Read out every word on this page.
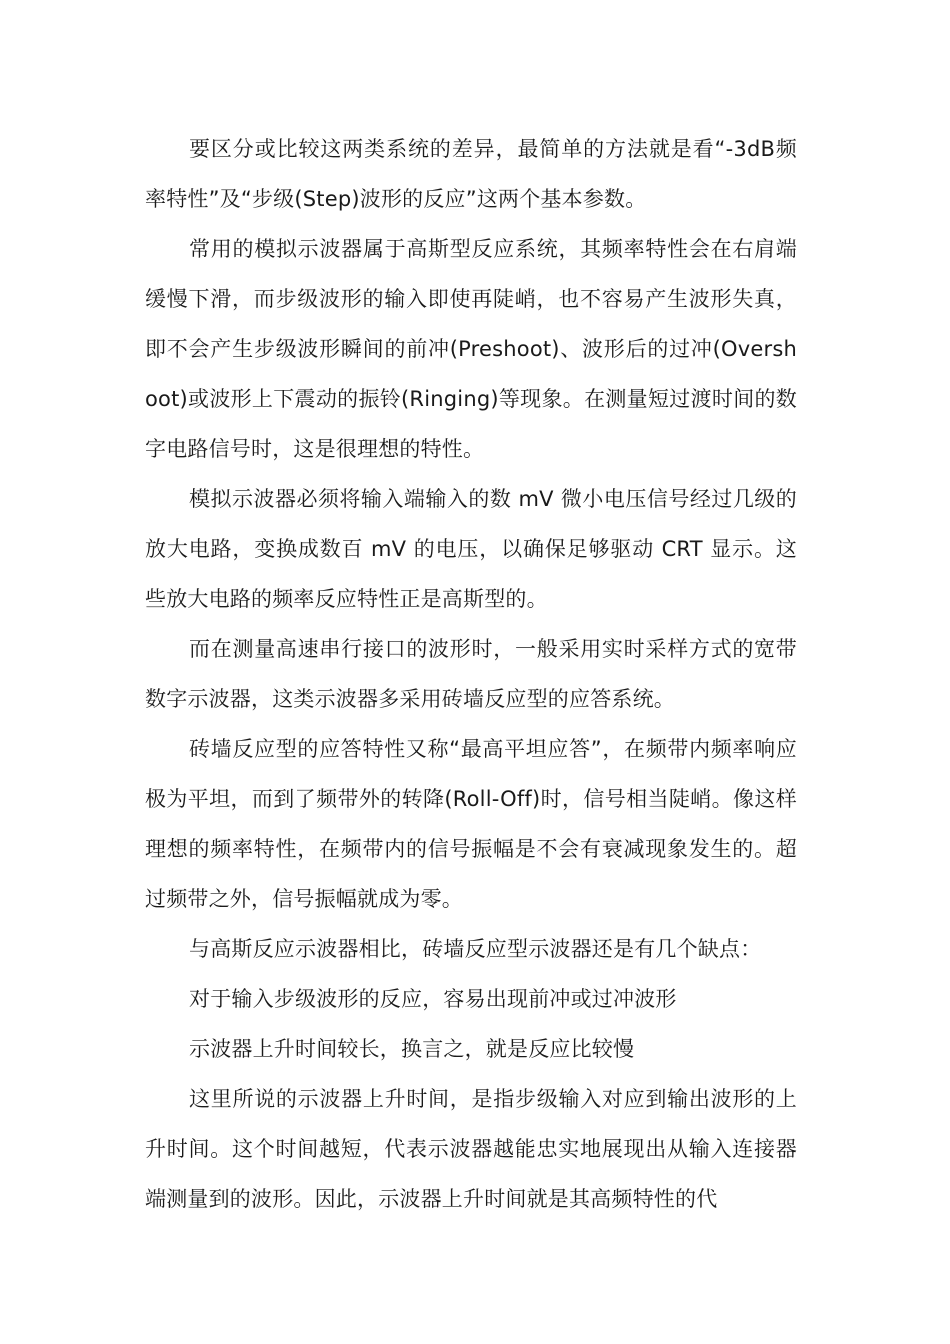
要区分或比较这两类系统的差异，最简单的方法就是看“-3dB频率特性”及“步级(Step)波形的反应”这两个基本参数。

常用的模拟示波器属于高斯型反应系统，其频率特性会在右肩端缓慢下滑，而步级波形的输入即使再陡峭，也不容易产生波形失真，即不会产生步级波形瞬间的前冲(Preshoot)、波形后的过冲(Overshoot)或波形上下震动的振铃(Ringing)等现象。在测量短过渡时间的数字电路信号时，这是很理想的特性。

模拟示波器必须将输入端输入的数 mV 微小电压信号经过几级的放大电路，变换成数百 mV 的电压，以确保足够驱动 CRT 显示。这些放大电路的频率反应特性正是高斯型的。

而在测量高速串行接口的波形时，一般采用实时采样方式的宽带数字示波器，这类示波器多采用砖墙反应型的应答系统。

砖墙反应型的应答特性又称“最高平坦应答”，在频带内频率响应极为平坦，而到了频带外的转降(Roll-Off)时，信号相当陡峭。像这样理想的频率特性，在频带内的信号振幅是不会有衰减现象发生的。超过频带之外，信号振幅就成为零。

与高斯反应示波器相比，砖墙反应型示波器还是有几个缺点：

对于输入步级波形的反应，容易出现前冲或过冲波形

示波器上升时间较长，换言之，就是反应比较慢

这里所说的示波器上升时间，是指步级输入对应到输出波形的上升时间。这个时间越短，代表示波器越能忠实地展现出从输入连接器端测量到的波形。因此，示波器上升时间就是其高频特性的代
